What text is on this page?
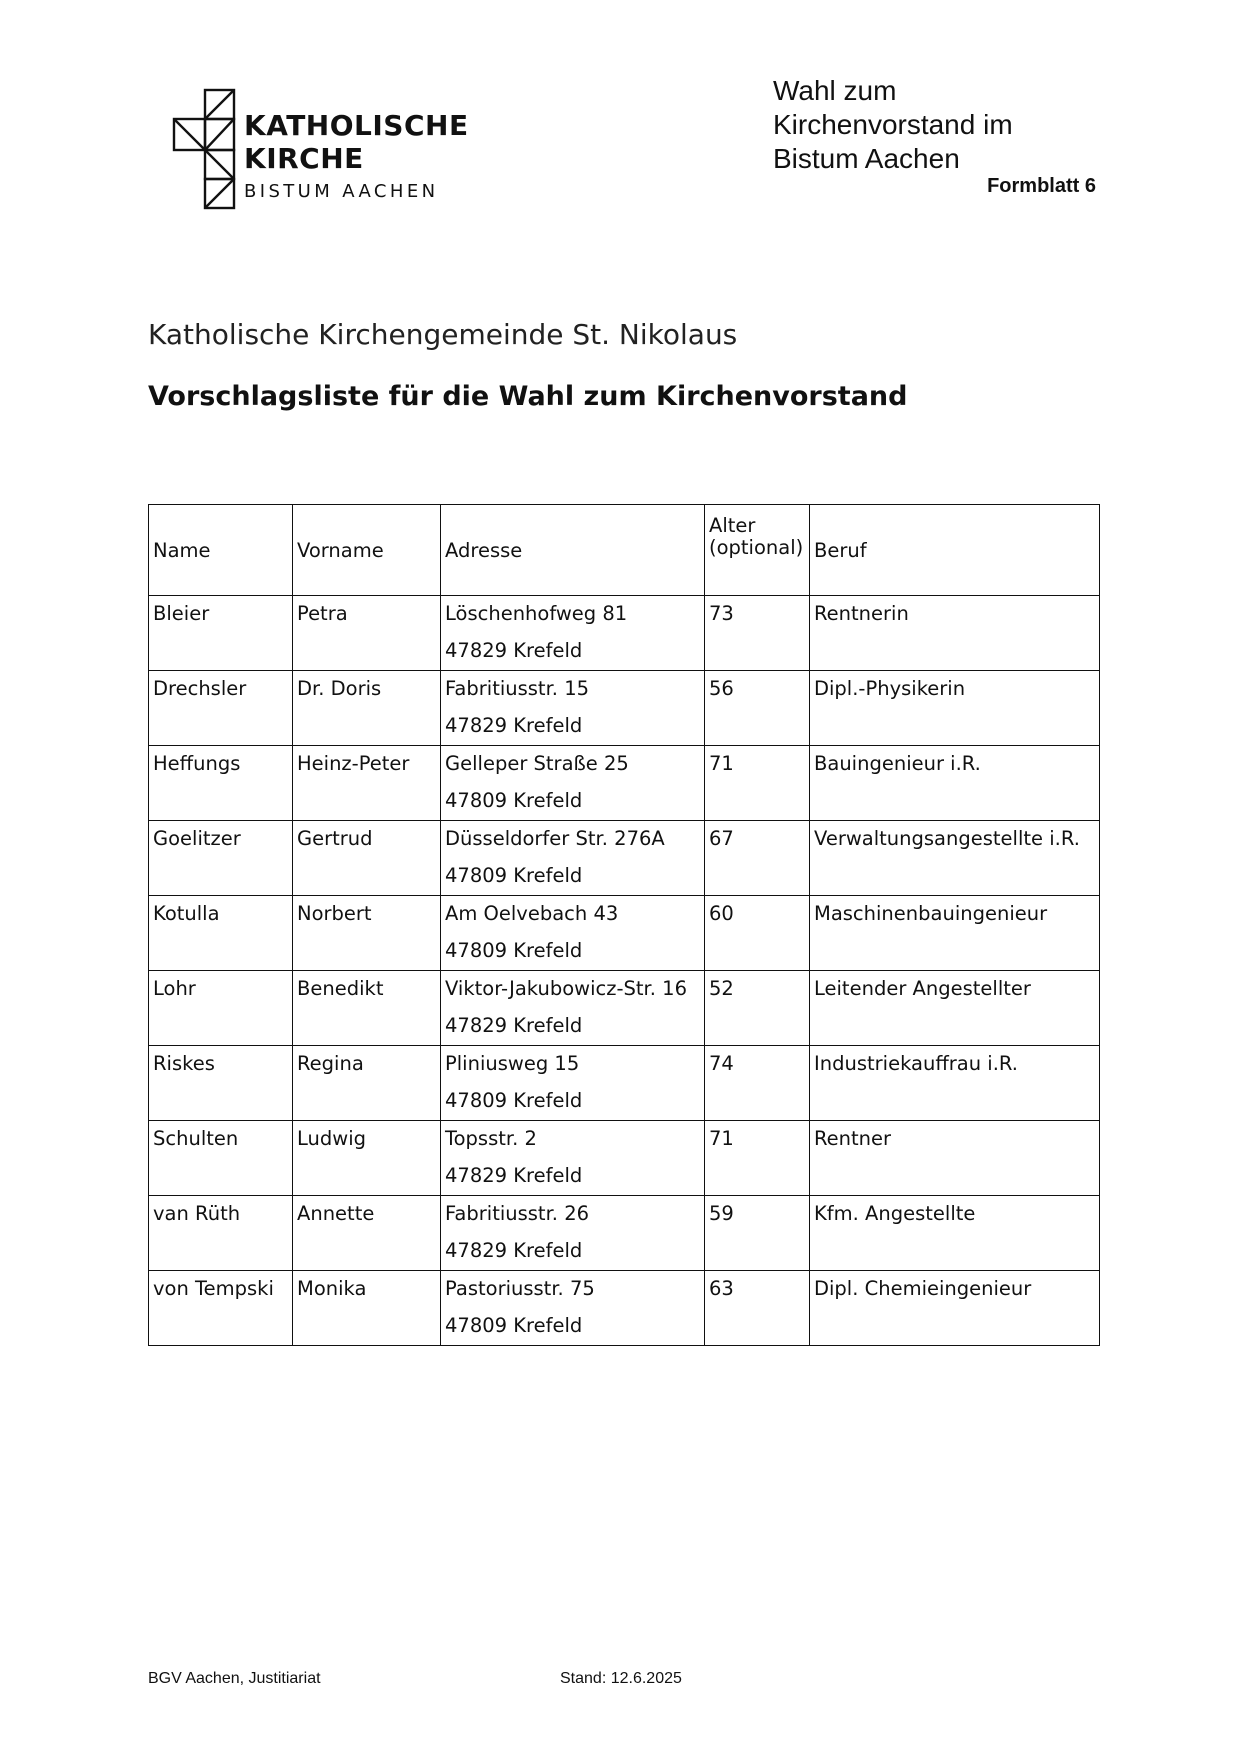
KATHOLISCHE
KIRCHE
BISTUM AACHEN
Wahl zum
Kirchenvorstand im
Bistum Aachen
Formblatt 6
Katholische Kirchengemeinde St. Nikolaus
Vorschlagsliste für die Wahl zum Kirchenvorstand
Name	Vorname	Adresse	Alter
(optional)	Beruf

Bleier	Petra	Löschenhofweg 81
47829 Krefeld	73	Rentnerin

Drechsler	Dr. Doris	Fabritiusstr. 15
47829 Krefeld	56	Dipl.-Physikerin

Heffungs	Heinz-Peter	Gelleper Straße 25
47809 Krefeld	71	Bauingenieur i.R.

Goelitzer	Gertrud	Düsseldorfer Str. 276A
47809 Krefeld	67	Verwaltungsangestellte i.R.

Kotulla	Norbert	Am Oelvebach 43
47809 Krefeld	60	Maschinenbauingenieur

Lohr	Benedikt	Viktor-Jakubowicz-Str. 16
47829 Krefeld	52	Leitender Angestellter

Riskes	Regina	Pliniusweg 15
47809 Krefeld	74	Industriekauffrau i.R.

Schulten	Ludwig	Topsstr. 2
47829 Krefeld	71	Rentner

van Rüth	Annette	Fabritiusstr. 26
47829 Krefeld	59	Kfm. Angestellte

von Tempski	Monika	Pastoriusstr. 75
47809 Krefeld	63	Dipl. Chemieingenieur
BGV Aachen, Justitiariat	Stand: 12.6.2025
